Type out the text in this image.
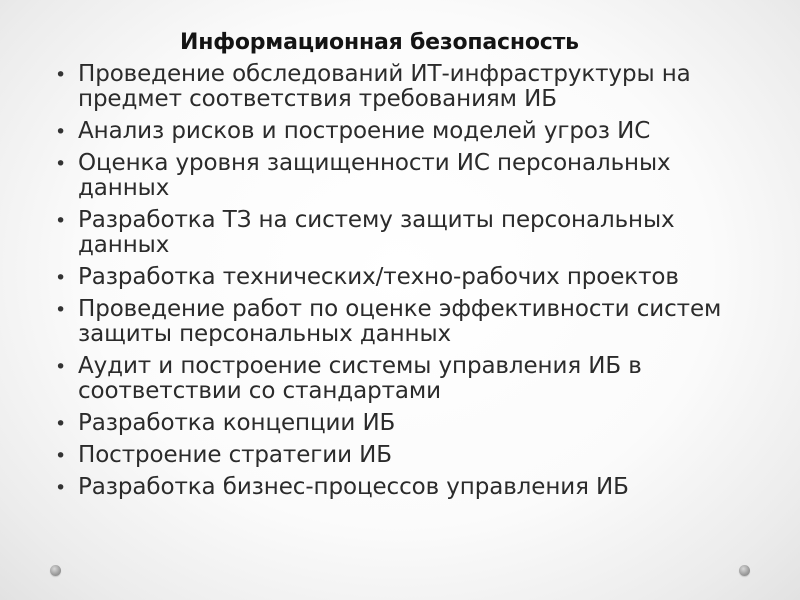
Информационная безопасность
• Проведение обследований ИТ-инфраструктуры на предмет соответствия требованиям ИБ
• Анализ рисков и построение моделей угроз ИС
• Оценка уровня защищенности ИС персональных данных
• Разработка ТЗ на систему защиты персональных данных
• Разработка технических/техно-рабочих проектов
• Проведение работ по оценке эффективности систем защиты персональных данных
• Аудит и построение системы управления ИБ в соответствии со стандартами
• Разработка концепции ИБ
• Построение стратегии ИБ
• Разработка бизнес-процессов управления ИБ
